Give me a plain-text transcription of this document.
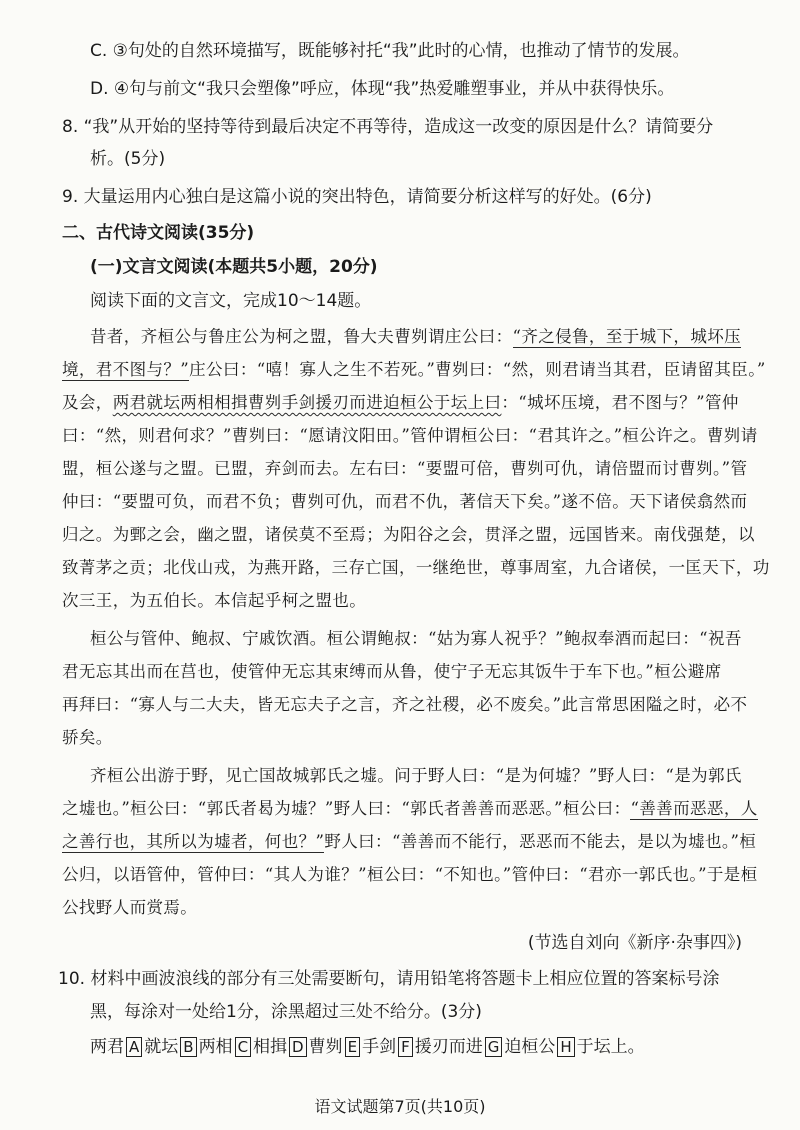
C. ③句处的自然环境描写，既能够衬托“我”此时的心情，也推动了情节的发展。
D. ④句与前文“我只会塑像”呼应，体现“我”热爱雕塑事业，并从中获得快乐。
8. “我”从开始的坚持等待到最后决定不再等待，造成这一改变的原因是什么？请简要分
析。(5分)
9. 大量运用内心独白是这篇小说的突出特色，请简要分析这样写的好处。(6分)
二、古代诗文阅读(35分)
(一)文言文阅读(本题共5小题，20分)
阅读下面的文言文，完成10～14题。
昔者，齐桓公与鲁庄公为柯之盟，鲁大夫曹刿谓庄公曰：“齐之侵鲁，至于城下，城坏压
境，君不图与？”庄公曰：“嘻！寡人之生不若死。”曹刿曰：“然，则君请当其君，臣请留其臣。”
及会，两君就坛两相相揖曹刿手剑援刃而进迫桓公于坛上曰：“城坏压境，君不图与？”管仲
曰：“然，则君何求？”曹刿曰：“愿请汶阳田。”管仲谓桓公曰：“君其许之。”桓公许之。曹刿请
盟，桓公遂与之盟。已盟，弃剑而去。左右曰：“要盟可倍，曹刿可仇，请倍盟而讨曹刿。”管
仲曰：“要盟可负，而君不负；曹刿可仇，而君不仇，著信天下矣。”遂不倍。天下诸侯翕然而
归之。为鄄之会，幽之盟，诸侯莫不至焉；为阳谷之会，贯泽之盟，远国皆来。南伐强楚，以
致菁茅之贡；北伐山戎，为燕开路，三存亡国，一继绝世，尊事周室，九合诸侯，一匡天下，功
次三王，为五伯长。本信起乎柯之盟也。
桓公与管仲、鲍叔、宁戚饮酒。桓公谓鲍叔：“姑为寡人祝乎？”鲍叔奉酒而起曰：“祝吾
君无忘其出而在莒也，使管仲无忘其束缚而从鲁，使宁子无忘其饭牛于车下也。”桓公避席
再拜曰：“寡人与二大夫，皆无忘夫子之言，齐之社稷，必不废矣。”此言常思困隘之时，必不
骄矣。
齐桓公出游于野，见亡国故城郭氏之墟。问于野人曰：“是为何墟？”野人曰：“是为郭氏
之墟也。”桓公曰：“郭氏者曷为墟？”野人曰：“郭氏者善善而恶恶。”桓公曰：“善善而恶恶，人
之善行也，其所以为墟者，何也？”野人曰：“善善而不能行，恶恶而不能去，是以为墟也。”桓
公归，以语管仲，管仲曰：“其人为谁？”桓公曰：“不知也。”管仲曰：“君亦一郭氏也。”于是桓
公找野人而赏焉。
(节选自刘向《新序·杂事四》)
10. 材料中画波浪线的部分有三处需要断句，请用铅笔将答题卡上相应位置的答案标号涂
黑，每涂对一处给1分，涂黑超过三处不给分。(3分)
两君 A 就坛 B 两相 C 相揖 D 曹刿 E 手剑 F 援刃而进 G 迫桓公 H 于坛上。
语文试题第7页(共10页)
